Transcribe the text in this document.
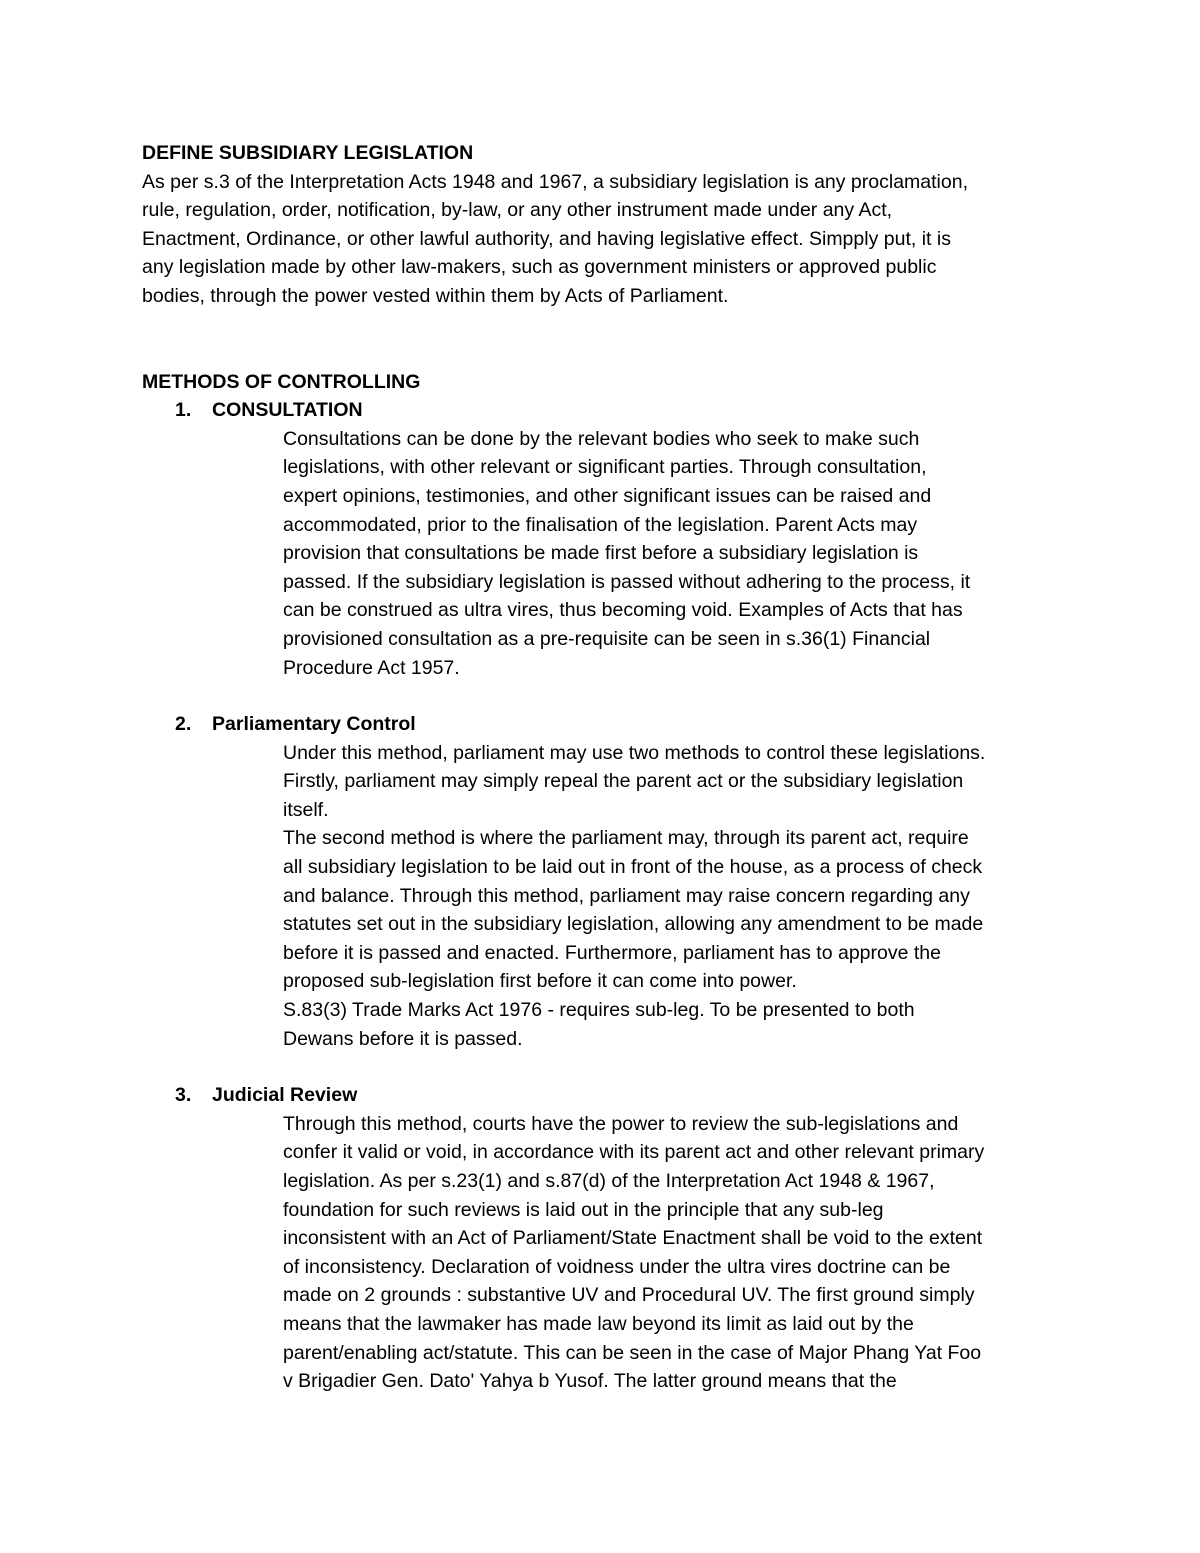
DEFINE SUBSIDIARY LEGISLATION
As per s.3 of the Interpretation Acts 1948 and 1967, a subsidiary legislation is any proclamation,
rule, regulation, order, notification, by-law, or any other instrument made under any Act,
Enactment, Ordinance, or other lawful authority, and having legislative effect. Simpply put, it is
any legislation made by other law-makers, such as government ministers or approved public
bodies, through the power vested within them by Acts of Parliament.
METHODS OF CONTROLLING
1. CONSULTATION
Consultations can be done by the relevant bodies who seek to make such
legislations, with other relevant or significant parties. Through consultation,
expert opinions, testimonies, and other significant issues can be raised and
accommodated, prior to the finalisation of the legislation. Parent Acts may
provision that consultations be made first before a subsidiary legislation is
passed. If the subsidiary legislation is passed without adhering to the process, it
can be construed as ultra vires, thus becoming void. Examples of Acts that has
provisioned consultation as a pre-requisite can be seen in s.36(1) Financial
Procedure Act 1957.
2. Parliamentary Control
Under this method, parliament may use two methods to control these legislations.
Firstly, parliament may simply repeal the parent act or the subsidiary legislation
itself.
The second method is where the parliament may, through its parent act, require
all subsidiary legislation to be laid out in front of the house, as a process of check
and balance. Through this method, parliament may raise concern regarding any
statutes set out in the subsidiary legislation, allowing any amendment to be made
before it is passed and enacted. Furthermore, parliament has to approve the
proposed sub-legislation first before it can come into power.
S.83(3) Trade Marks Act 1976 - requires sub-leg. To be presented to both
Dewans before it is passed.
3. Judicial Review
Through this method, courts have the power to review the sub-legislations and
confer it valid or void, in accordance with its parent act and other relevant primary
legislation. As per s.23(1) and s.87(d) of the Interpretation Act 1948 & 1967,
foundation for such reviews is laid out in the principle that any sub-leg
inconsistent with an Act of Parliament/State Enactment shall be void to the extent
of inconsistency. Declaration of voidness under the ultra vires doctrine can be
made on 2 grounds : substantive UV and Procedural UV. The first ground simply
means that the lawmaker has made law beyond its limit as laid out by the
parent/enabling act/statute. This can be seen in the case of Major Phang Yat Foo
v Brigadier Gen. Dato' Yahya b Yusof. The latter ground means that the
